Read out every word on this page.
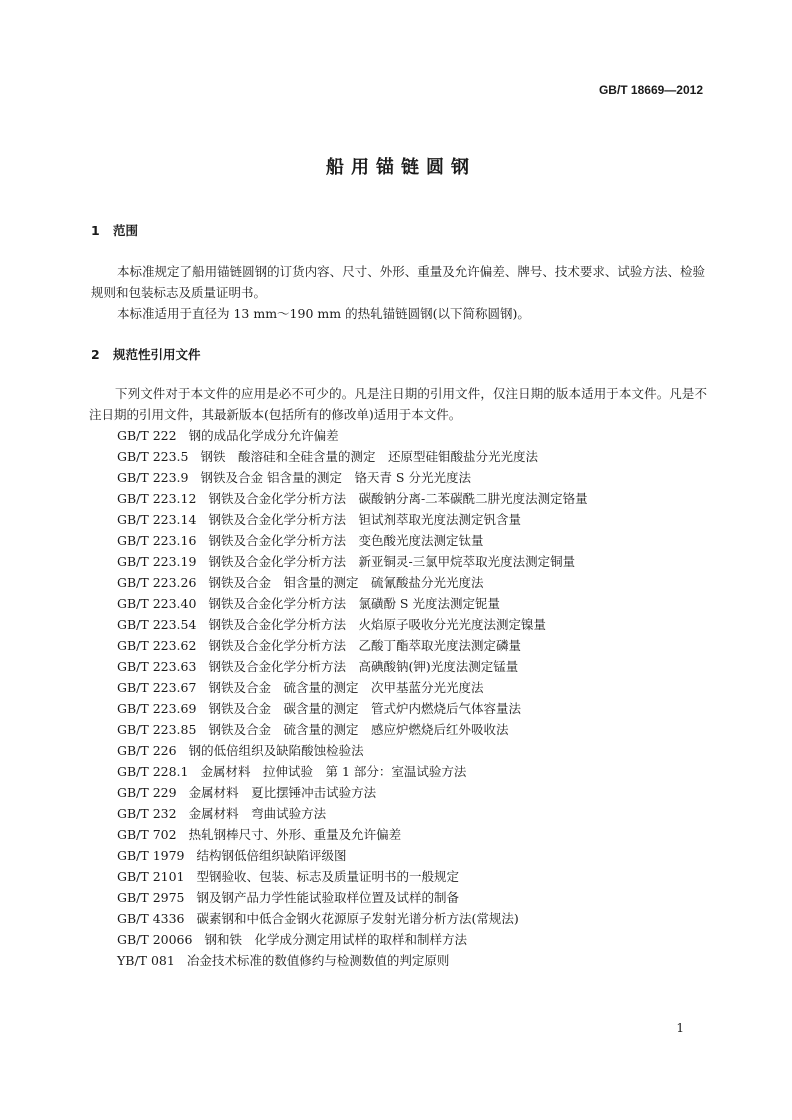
GB/T 18669—2012
船用锚链圆钢
1 范围

本标准规定了船用锚链圆钢的订货内容、尺寸、外形、重量及允许偏差、牌号、技术要求、试验方法、检验规则和包装标志及质量证明书。

本标准适用于直径为 13 mm～190 mm 的热轧锚链圆钢(以下简称圆钢)。

2 规范性引用文件

下列文件对于本文件的应用是必不可少的。凡是注日期的引用文件，仅注日期的版本适用于本文件。凡是不注日期的引用文件，其最新版本(包括所有的修改单)适用于本文件。

GB/T 222 钢的成品化学成分允许偏差
GB/T 223.5 钢铁　酸溶硅和全硅含量的测定　还原型硅钼酸盐分光光度法
GB/T 223.9 钢铁及合金 铝含量的测定　铬天青 S 分光光度法
GB/T 223.12 钢铁及合金化学分析方法　碳酸钠分离-二苯碳酰二肼光度法测定铬量
GB/T 223.14 钢铁及合金化学分析方法　钽试剂萃取光度法测定钒含量
GB/T 223.16 钢铁及合金化学分析方法　变色酸光度法测定钛量
GB/T 223.19 钢铁及合金化学分析方法　新亚铜灵-三氯甲烷萃取光度法测定铜量
GB/T 223.26 钢铁及合金　钼含量的测定　硫氰酸盐分光光度法
GB/T 223.40 钢铁及合金化学分析方法　氯磺酚 S 光度法测定铌量
GB/T 223.54 钢铁及合金化学分析方法　火焰原子吸收分光光度法测定镍量
GB/T 223.62 钢铁及合金化学分析方法　乙酸丁酯萃取光度法测定磷量
GB/T 223.63 钢铁及合金化学分析方法　高碘酸钠(钾)光度法测定锰量
GB/T 223.67 钢铁及合金　硫含量的测定　次甲基蓝分光光度法
GB/T 223.69 钢铁及合金　碳含量的测定　管式炉内燃烧后气体容量法
GB/T 223.85 钢铁及合金　硫含量的测定　感应炉燃烧后红外吸收法
GB/T 226 钢的低倍组织及缺陷酸蚀检验法
GB/T 228.1 金属材料　拉伸试验　第 1 部分：室温试验方法
GB/T 229 金属材料　夏比摆锤冲击试验方法
GB/T 232 金属材料　弯曲试验方法
GB/T 702 热轧钢棒尺寸、外形、重量及允许偏差
GB/T 1979 结构钢低倍组织缺陷评级图
GB/T 2101 型钢验收、包装、标志及质量证明书的一般规定
GB/T 2975 钢及钢产品力学性能试验取样位置及试样的制备
GB/T 4336 碳素钢和中低合金钢火花源原子发射光谱分析方法(常规法)
GB/T 20066 钢和铁　化学成分测定用试样的取样和制样方法
YB/T 081 冶金技术标准的数值修约与检测数值的判定原则
1
